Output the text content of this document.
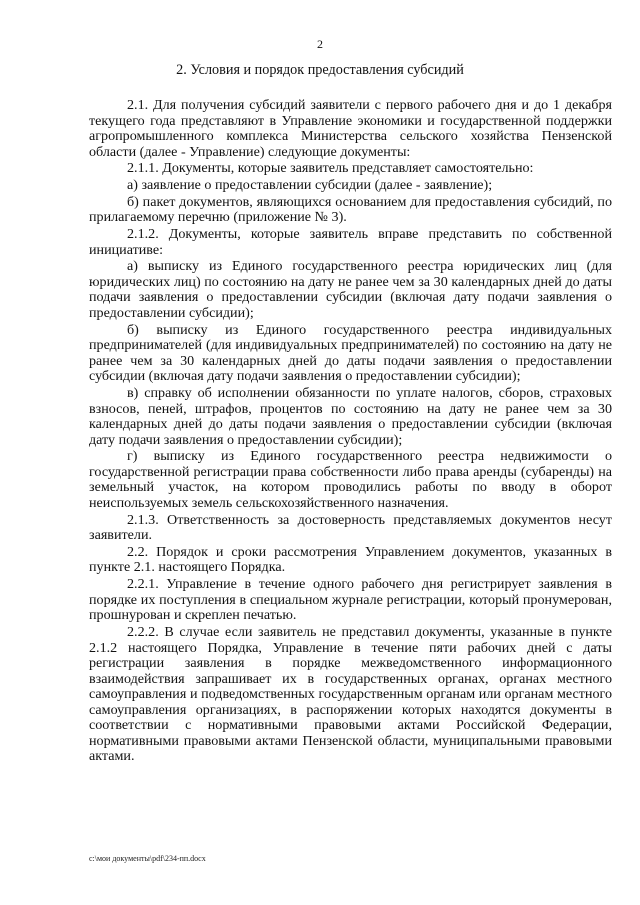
2
2. Условия и порядок предоставления субсидий

2.1. Для получения субсидий заявители с первого рабочего дня и до 1 декабря текущего года представляют в Управление экономики и государственной поддержки агропромышленного комплекса Министерства сельского хозяйства Пензенской области (далее - Управление) следующие документы:

2.1.1. Документы, которые заявитель представляет самостоятельно:

а) заявление о предоставлении субсидии (далее - заявление);

б) пакет документов, являющихся основанием для предоставления субсидий, по прилагаемому перечню (приложение № 3).

2.1.2. Документы, которые заявитель вправе представить по собственной инициативе:

а) выписку из Единого государственного реестра юридических лиц (для юридических лиц) по состоянию на дату не ранее чем за 30 календарных дней до даты подачи заявления о предоставлении субсидии (включая дату подачи заявления о предоставлении субсидии);

б) выписку из Единого государственного реестра индивидуальных предпринимателей (для индивидуальных предпринимателей) по состоянию на дату не ранее чем за 30 календарных дней до даты подачи заявления о предоставлении субсидии (включая дату подачи заявления о предоставлении субсидии);

в) справку об исполнении обязанности по уплате налогов, сборов, страховых взносов, пеней, штрафов, процентов по состоянию на дату не ранее чем за 30 календарных дней до даты подачи заявления о предоставлении субсидии (включая дату подачи заявления о предоставлении субсидии);

г) выписку из Единого государственного реестра недвижимости о государственной регистрации права собственности либо права аренды (субаренды) на земельный участок, на котором проводились работы по вводу в оборот неиспользуемых земель сельскохозяйственного назначения.

2.1.3. Ответственность за достоверность представляемых документов несут заявители.

2.2. Порядок и сроки рассмотрения Управлением документов, указанных в пункте 2.1. настоящего Порядка.

2.2.1. Управление в течение одного рабочего дня регистрирует заявления в порядке их поступления в специальном журнале регистрации, который пронумерован, прошнурован и скреплен печатью.

2.2.2. В случае если заявитель не представил документы, указанные в пункте 2.1.2 настоящего Порядка, Управление в течение пяти рабочих дней с даты регистрации заявления в порядке межведомственного информационного взаимодействия запрашивает их в государственных органах, органах местного самоуправления и подведомственных государственным органам или органам местного самоуправления организациях, в распоряжении которых находятся документы в соответствии с нормативными правовыми актами Российской Федерации, нормативными правовыми актами Пензенской области, муниципальными правовыми актами.

c:\мои документы\pdf\234-пп.docx
